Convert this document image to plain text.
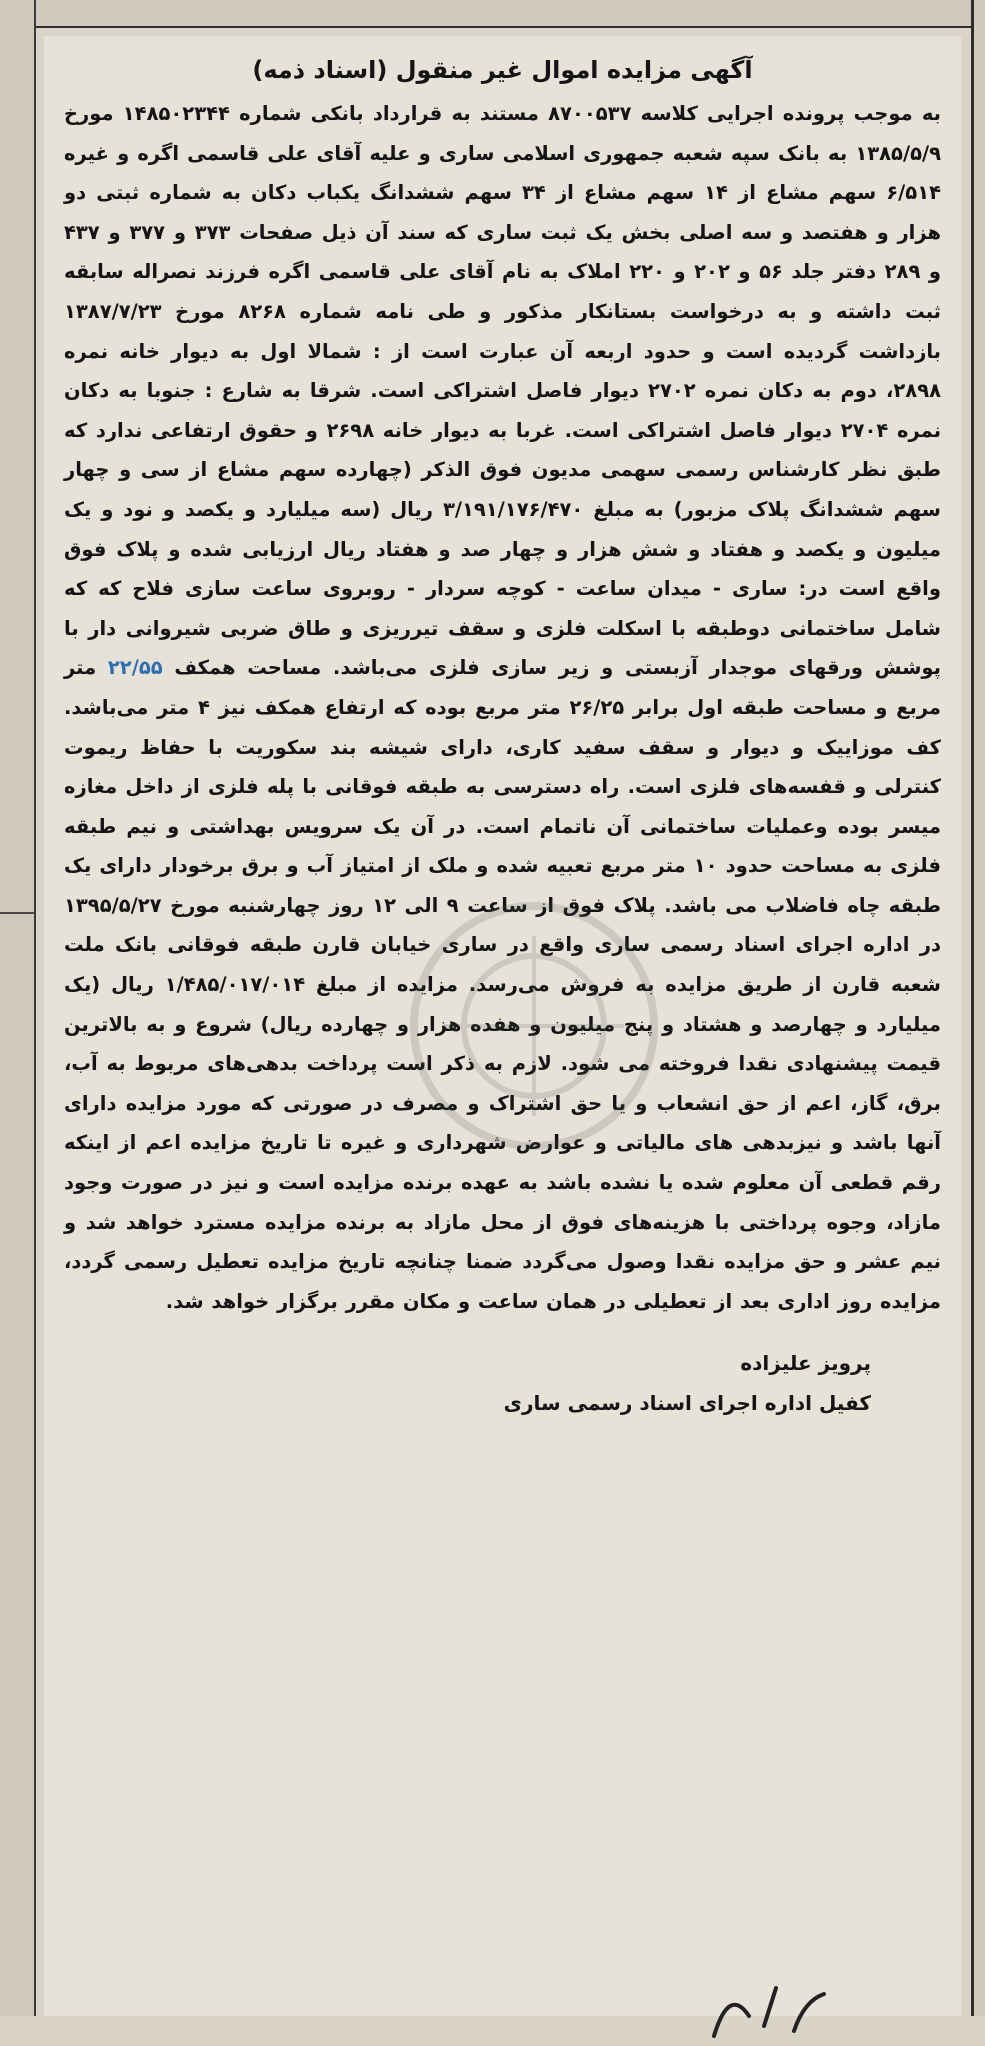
آگهی مزایده اموال غیر منقول (اسناد ذمه)

به موجب پرونده اجرایی کلاسه ۸۷۰۰۵۳۷ مستند به قرارداد بانکی شماره ۱۴۸۵۰۲۳۴۴ مورخ ۱۳۸۵/۵/۹ به بانک سپه شعبه جمهوری اسلامی ساری و علیه آقای علی قاسمی اگره و غیره ۶/۵۱۴ سهم مشاع از ۱۴ سهم مشاع از ۳۴ سهم ششدانگ یکباب دکان به شماره ثبتی دو هزار و هفتصد و سه اصلی بخش یک ثبت ساری که سند آن ذیل صفحات ۳۷۳ و ۳۷۷ و ۴۳۷ و ۲۸۹ دفتر جلد ۵۶ و ۲۰۲ و ۲۲۰ املاک به نام آقای علی قاسمی اگره فرزند نصراله سابقه ثبت داشته و به درخواست بستانکار مذکور و طی نامه شماره ۸۲۶۸ مورخ ۱۳۸۷/۷/۲۳ بازداشت گردیده است و حدود اربعه آن عبارت است از : شمالا اول به دیوار خانه نمره ۲۸۹۸، دوم به دکان نمره ۲۷۰۲ دیوار فاصل اشتراکی است. شرقا به شارع : جنوبا به دکان نمره ۲۷۰۴ دیوار فاصل اشتراکی است. غربا به دیوار خانه ۲۶۹۸ و حقوق ارتفاعی ندارد که طبق نظر کارشناس رسمی سهمی مدیون فوق الذکر (چهارده سهم مشاع از سی و چهار سهم ششدانگ پلاک مزبور) به مبلغ ۳/۱۹۱/۱۷۶/۴۷۰ ریال (سه میلیارد و یکصد و نود و یک میلیون و یکصد و هفتاد و شش هزار و چهار صد و هفتاد ریال ارزیابی شده و پلاک فوق واقع است در: ساری - میدان ساعت - کوچه سردار - روبروی ساعت سازی فلاح که که شامل ساختمانی دوطبقه با اسکلت فلزی و سقف تیرریزی و طاق ضربی شیروانی دار با پوشش ورقهای موجدار آزبستی و زیر سازی فلزی می‌باشد. مساحت همکف ۲۲/۵۵ متر مربع و مساحت طبقه اول برابر ۲۶/۲۵ متر مربع بوده که ارتفاع همکف نیز ۴ متر می‌باشد. کف موزاییک و دیوار و سقف سفید کاری، دارای شیشه بند سکوریت با حفاظ ریموت کنترلی و قفسه‌های فلزی است. راه دسترسی به طبقه فوقانی با پله فلزی از داخل مغازه میسر بوده وعملیات ساختمانی آن ناتمام است. در آن یک سرویس بهداشتی و نیم طبقه فلزی به مساحت حدود ۱۰ متر مربع تعبیه شده و ملک از امتیاز آب و برق برخودار دارای یک طبقه چاه فاضلاب می باشد. پلاک فوق از ساعت ۹ الی ۱۲ روز چهارشنبه مورخ ۱۳۹۵/۵/۲۷ در اداره اجرای اسناد رسمی ساری واقع در ساری خیابان قارن طبقه فوقانی بانک ملت شعبه قارن از طریق مزایده به فروش می‌رسد. مزایده از مبلغ ۱/۴۸۵/۰۱۷/۰۱۴ ریال (یک میلیارد و چهارصد و هشتاد و پنج میلیون و هفده هزار و چهارده ریال) شروع و به بالاترین قیمت پیشنهادی نقدا فروخته می شود. لازم به ذکر است پرداخت بدهی‌های مربوط به آب، برق، گاز، اعم از حق انشعاب و یا حق اشتراک و مصرف در صورتی که مورد مزایده دارای آنها باشد و نیزبدهی های مالیاتی و عوارض شهرداری و غیره تا تاریخ مزایده اعم از اینکه رقم قطعی آن معلوم شده یا نشده باشد به عهده برنده مزایده است و نیز در صورت وجود مازاد، وجوه پرداختی با هزینه‌های فوق از محل مازاد به برنده مزایده مسترد خواهد شد و نیم عشر و حق مزایده نقدا وصول می‌گردد ضمنا چنانچه تاریخ مزایده تعطیل رسمی گردد، مزایده روز اداری بعد از تعطیلی در همان ساعت و مکان مقرر برگزار خواهد شد.

پرویز علیزاده
کفیل اداره اجرای اسناد رسمی ساری
